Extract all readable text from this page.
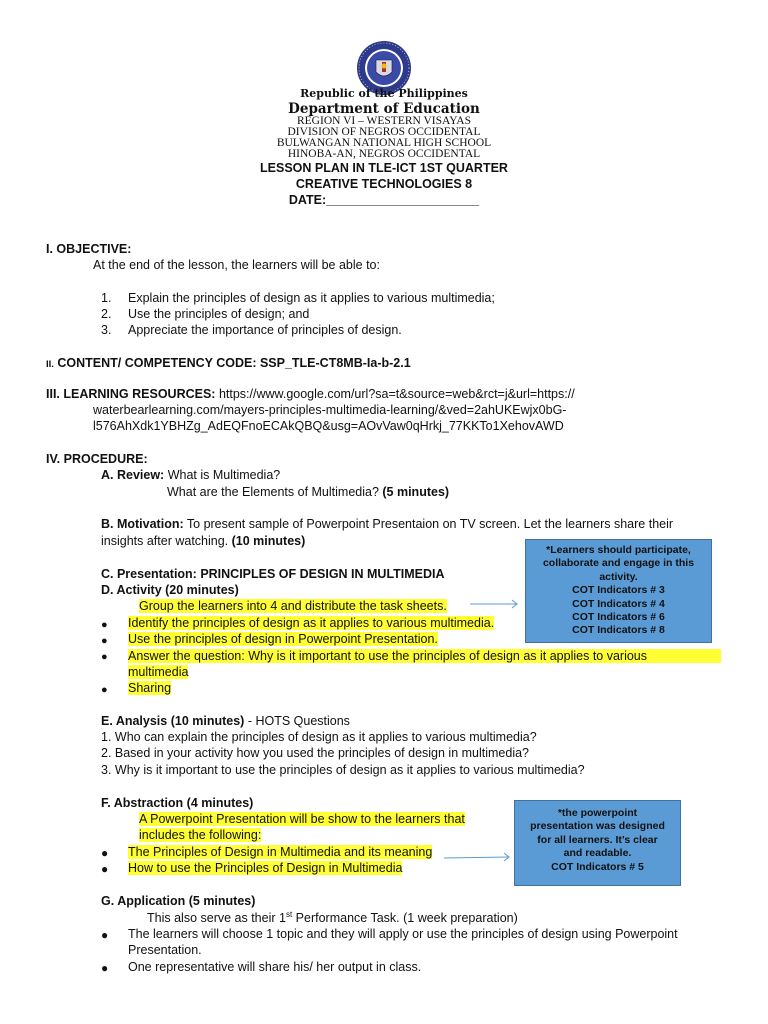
Republic of the Philippines
Department of Education
REGION VI – WESTERN VISAYAS
DIVISION OF NEGROS OCCIDENTAL
BULWANGAN NATIONAL HIGH SCHOOL
HINOBA-AN, NEGROS OCCIDENTAL
LESSON PLAN IN TLE-ICT 1ST QUARTER
CREATIVE TECHNOLOGIES 8
DATE:______________________
I. OBJECTIVE:
At the end of the lesson, the learners will be able to:
1. Explain the principles of design as it applies to various multimedia;
2. Use the principles of design; and
3. Appreciate the importance of principles of design.
II. CONTENT/ COMPETENCY CODE: SSP_TLE-CT8MB-Ia-b-2.1
III. LEARNING RESOURCES: https://www.google.com/url?sa=t&source=web&rct=j&url=https://
waterbearlearning.com/mayers-principles-multimedia-learning/&ved=2ahUKEwjx0bG-
l576AhXdk1YBHZg_AdEQFnoECAkQBQ&usg=AOvVaw0qHrkj_77KKTo1XehovAWD
IV. PROCEDURE:
A. Review: What is Multimedia?
What are the Elements of Multimedia? (5 minutes)
B. Motivation: To present sample of Powerpoint Presentaion on TV screen. Let the learners share their
insights after watching. (10 minutes)
C. Presentation: PRINCIPLES OF DESIGN IN MULTIMEDIA
D. Activity (20 minutes)
Group the learners into 4 and distribute the task sheets.
● Identify the principles of design as it applies to various multimedia.
● Use the principles of design in Powerpoint Presentation.
● Answer the question: Why is it important to use the principles of design as it applies to various
multimedia
● Sharing
*Learners should participate,
collaborate and engage in this
activity.
COT Indicators # 3
COT Indicators # 4
COT Indicators # 6
COT Indicators # 8
E. Analysis (10 minutes) - HOTS Questions
1. Who can explain the principles of design as it applies to various multimedia?
2. Based in your activity how you used the principles of design in multimedia?
3. Why is it important to use the principles of design as it applies to various multimedia?
F. Abstraction (4 minutes)
A Powerpoint Presentation will be show to the learners that
includes the following:
● The Principles of Design in Multimedia and its meaning
● How to use the Principles of Design in Multimedia
*the powerpoint
presentation was designed
for all learners. It’s clear
and readable.
COT Indicators # 5
G. Application (5 minutes)
This also serve as their 1st Performance Task. (1 week preparation)
● The learners will choose 1 topic and they will apply or use the principles of design using Powerpoint
Presentation.
● One representative will share his/ her output in class.
